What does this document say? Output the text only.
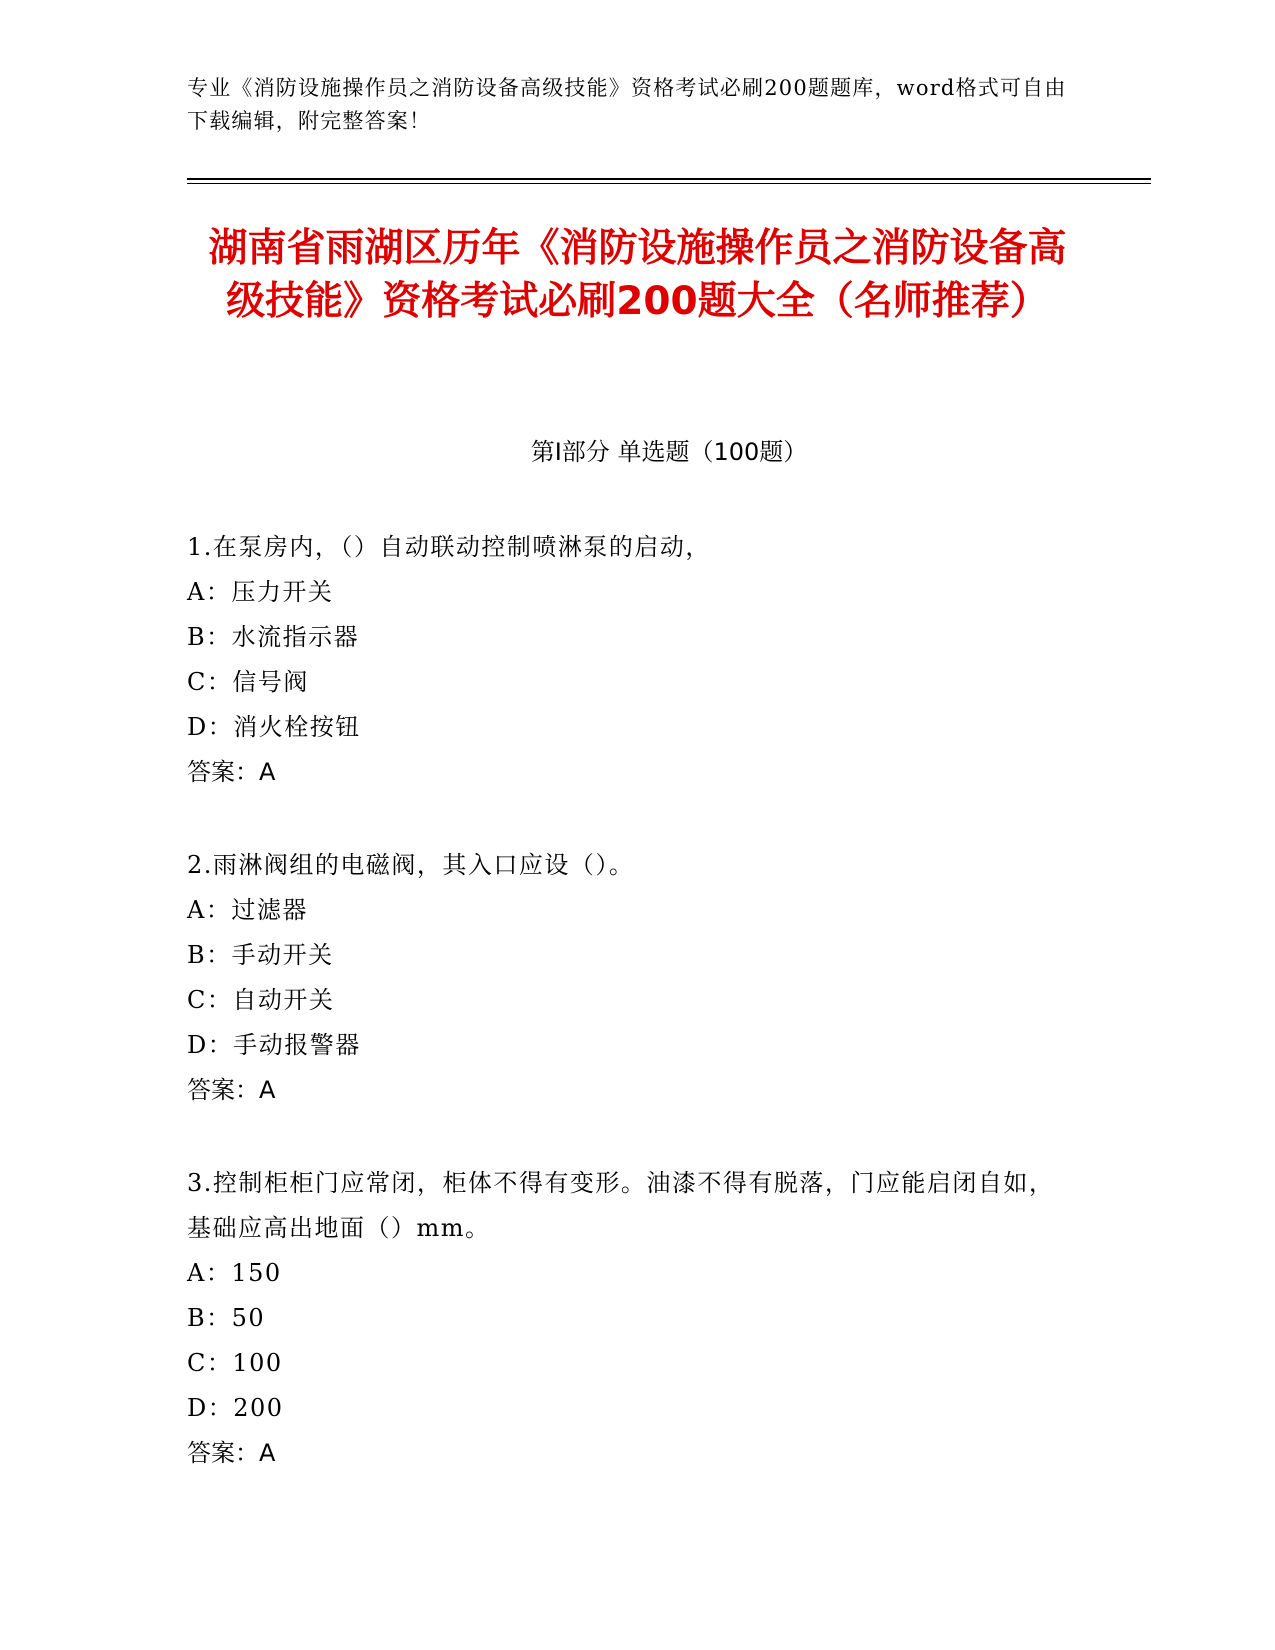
专业《消防设施操作员之消防设备高级技能》资格考试必刷200题题库，word格式可自由下载编辑，附完整答案！
湖南省雨湖区历年《消防设施操作员之消防设备高级技能》资格考试必刷200题大全（名师推荐）
第Ⅰ部分 单选题（100题）
1.在泵房内，（）自动联动控制喷淋泵的启动，
A：压力开关
B：水流指示器
C：信号阀
D：消火栓按钮
答案：A
2.雨淋阀组的电磁阀，其入口应设（）。
A：过滤器
B：手动开关
C：自动开关
D：手动报警器
答案：A
3.控制柜柜门应常闭，柜体不得有变形。油漆不得有脱落，门应能启闭自如，基础应高出地面（）mm。
A：150
B：50
C：100
D：200
答案：A
